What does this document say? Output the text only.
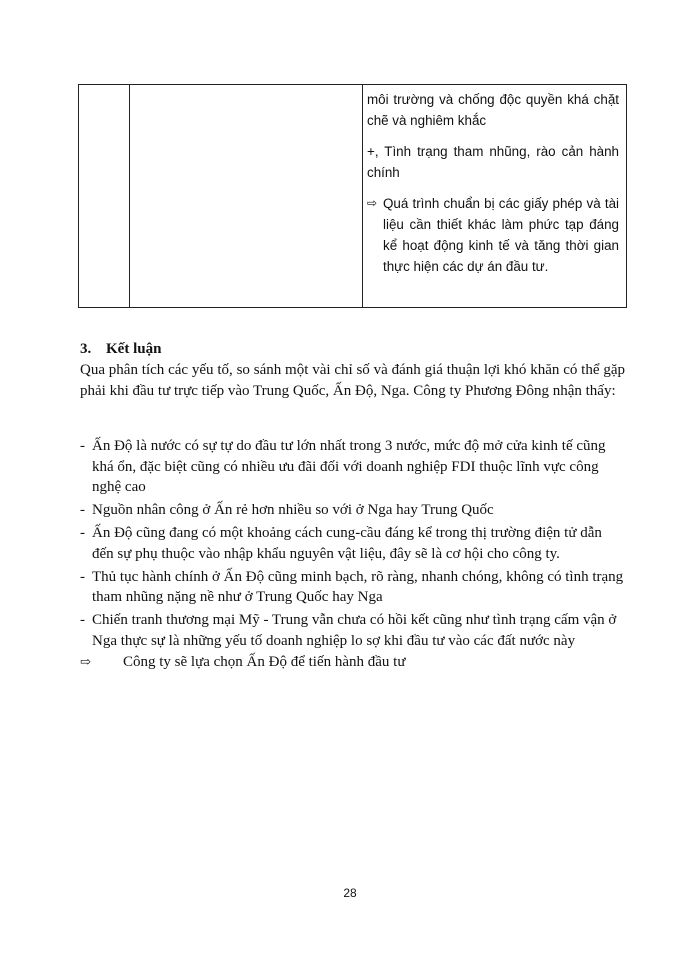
môi trường và chống độc quyền khá chặt chẽ và nghiêm khắc

+, Tình trạng tham nhũng, rào cản hành chính

⇨ Quá trình chuẩn bị các giấy phép và tài liệu cần thiết khác làm phức tạp đáng kể hoạt động kinh tế và tăng thời gian thực hiện các dự án đầu tư.

3. Kết luận
Qua phân tích các yếu tố, so sánh một vài chỉ số và đánh giá thuận lợi khó khăn có thể gặp phải khi đầu tư trực tiếp vào Trung Quốc, Ấn Độ, Nga. Công ty Phương Đông nhận thấy:
- Ấn Độ là nước có sự tự do đầu tư lớn nhất trong 3 nước, mức độ mở cửa kinh tế cũng khá ổn, đặc biệt cũng có nhiều ưu đãi đối với doanh nghiệp FDI thuộc lĩnh vực công nghệ cao
- Nguồn nhân công ở Ấn rẻ hơn nhiều so với ở Nga hay Trung Quốc
- Ấn Độ cũng đang có một khoảng cách cung-cầu đáng kể trong thị trường điện tử dẫn đến sự phụ thuộc vào nhập khẩu nguyên vật liệu, đây sẽ là cơ hội cho công ty.
- Thủ tục hành chính ở Ấn Độ cũng minh bạch, rõ ràng, nhanh chóng, không có tình trạng tham nhũng nặng nề như ở Trung Quốc hay Nga
- Chiến tranh thương mại Mỹ - Trung vẫn chưa có hồi kết cũng như tình trạng cấm vận ở Nga thực sự là những yếu tố doanh nghiệp lo sợ khi đầu tư vào các đất nước này
⇨	Công ty sẽ lựa chọn Ấn Độ để tiến hành đầu tư
28
